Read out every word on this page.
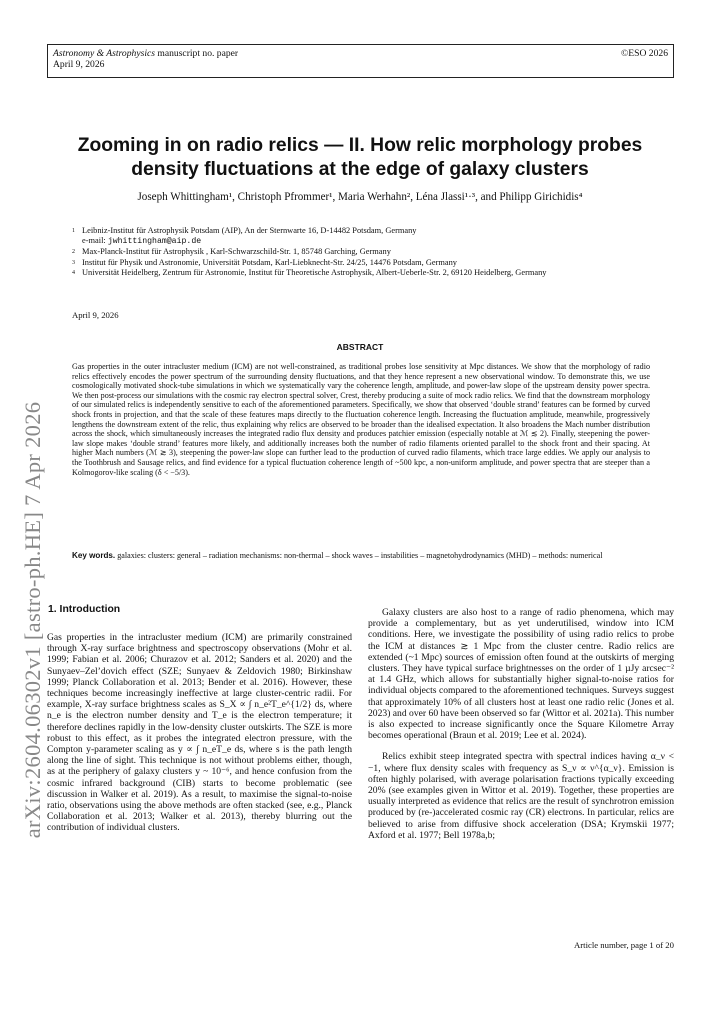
Astronomy & Astrophysics manuscript no. paper
April 9, 2026
©ESO 2026
arXiv:2604.06302v1 [astro-ph.HE] 7 Apr 2026
Zooming in on radio relics — II. How relic morphology probes density fluctuations at the edge of galaxy clusters
Joseph Whittingham¹, Christoph Pfrommer¹, Maria Werhahn², Léna Jlassi¹·³, and Philipp Girichidis⁴
1 Leibniz-Institut für Astrophysik Potsdam (AIP), An der Sternwarte 16, D-14482 Potsdam, Germany
e-mail: jwhittingham@aip.de
2 Max-Planck-Institut für Astrophysik , Karl-Schwarzschild-Str. 1, 85748 Garching, Germany
3 Institut für Physik und Astronomie, Universität Potsdam, Karl-Liebknecht-Str. 24/25, 14476 Potsdam, Germany
4 Universität Heidelberg, Zentrum für Astronomie, Institut für Theoretische Astrophysik, Albert-Ueberle-Str. 2, 69120 Heidelberg, Germany
April 9, 2026
ABSTRACT
Gas properties in the outer intracluster medium (ICM) are not well-constrained, as traditional probes lose sensitivity at Mpc distances. We show that the morphology of radio relics effectively encodes the power spectrum of the surrounding density fluctuations, and that they hence represent a new observational window. To demonstrate this, we use cosmologically motivated shock-tube simulations in which we systematically vary the coherence length, amplitude, and power-law slope of the upstream density power spectra. We then post-process our simulations with the cosmic ray electron spectral solver, Crest, thereby producing a suite of mock radio relics. We find that the downstream morphology of our simulated relics is independently sensitive to each of the aforementioned parameters. Specifically, we show that observed ‘double strand’ features can be formed by curved shock fronts in projection, and that the scale of these features maps directly to the fluctuation coherence length. Increasing the fluctuation amplitude, meanwhile, progressively lengthens the downstream extent of the relic, thus explaining why relics are observed to be broader than the idealised expectation. It also broadens the Mach number distribution across the shock, which simultaneously increases the integrated radio flux density and produces patchier emission (especially notable at ℳ ≲ 2). Finally, steepening the power-law slope makes ‘double strand’ features more likely, and additionally increases both the number of radio filaments oriented parallel to the shock front and their spacing. At higher Mach numbers (ℳ ≳ 3), steepening the power-law slope can further lead to the production of curved radio filaments, which trace large eddies. We apply our analysis to the Toothbrush and Sausage relics, and find evidence for a typical fluctuation coherence length of ~500 kpc, a non-uniform amplitude, and power spectra that are steeper than a Kolmogorov-like scaling (δ < −5/3).
Key words. galaxies: clusters: general – radiation mechanisms: non-thermal – shock waves – instabilities – magnetohydrodynamics (MHD) – methods: numerical
1. Introduction

Gas properties in the intracluster medium (ICM) are primarily constrained through X-ray surface brightness and spectroscopy observations (Mohr et al. 1999; Fabian et al. 2006; Churazov et al. 2012; Sanders et al. 2020) and the Sunyaev–Zel’dovich effect (SZE; Sunyaev & Zeldovich 1980; Birkinshaw 1999; Planck Collaboration et al. 2013; Bender et al. 2016). However, these techniques become increasingly ineffective at large cluster-centric radii. For example, X-ray surface brightness scales as S_X ∝ ∫ n_e²T_e^{1/2} ds, where n_e is the electron number density and T_e is the electron temperature; it therefore declines rapidly in the low-density cluster outskirts. The SZE is more robust to this effect, as it probes the integrated electron pressure, with the Compton y-parameter scaling as y ∝ ∫ n_eT_e ds, where s is the path length along the line of sight. This technique is not without problems either, though, as at the periphery of galaxy clusters y ~ 10⁻⁶, and hence confusion from the cosmic infrared background (CIB) starts to become problematic (see discussion in Walker et al. 2019). As a result, to maximise the signal-to-noise ratio, observations using the above methods are often stacked (see, e.g., Planck Collaboration et al. 2013; Walker et al. 2013), thereby blurring out the contribution of individual clusters.

Galaxy clusters are also host to a range of radio phenomena, which may provide a complementary, but as yet underutilised, window into ICM conditions. Here, we investigate the possibility of using radio relics to probe the ICM at distances ≳ 1 Mpc from the cluster centre. Radio relics are extended (~1 Mpc) sources of emission often found at the outskirts of merging clusters. They have typical surface brightnesses on the order of 1 µJy arcsec⁻² at 1.4 GHz, which allows for substantially higher signal-to-noise ratios for individual objects compared to the aforementioned techniques. Surveys suggest that approximately 10% of all clusters host at least one radio relic (Jones et al. 2023) and over 60 have been observed so far (Wittor et al. 2021a). This number is also expected to increase significantly once the Square Kilometre Array becomes operational (Braun et al. 2019; Lee et al. 2024).

Relics exhibit steep integrated spectra with spectral indices having α_ν < −1, where flux density scales with frequency as S_ν ∝ ν^{α_ν}. Emission is often highly polarised, with average polarisation fractions typically exceeding 20% (see examples given in Wittor et al. 2019). Together, these properties are usually interpreted as evidence that relics are the result of synchrotron emission produced by (re-)accelerated cosmic ray (CR) electrons. In particular, relics are believed to arise from diffusive shock acceleration (DSA; Krymskii 1977; Axford et al. 1977; Bell 1978a,b;

Article number, page 1 of 20
